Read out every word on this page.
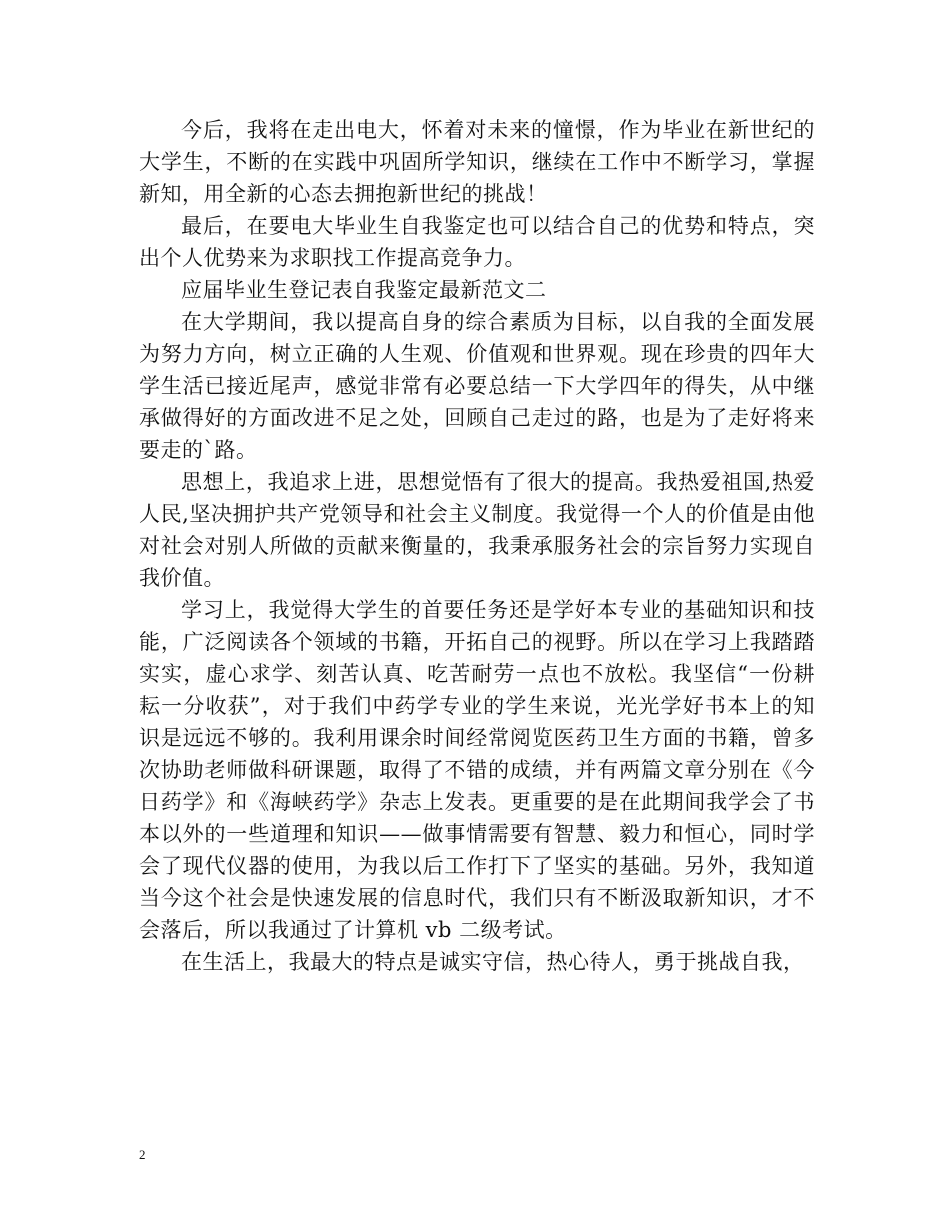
今后，我将在走出电大，怀着对未来的憧憬，作为毕业在新世纪的大学生，不断的在实践中巩固所学知识，继续在工作中不断学习，掌握新知，用全新的心态去拥抱新世纪的挑战！

最后，在要电大毕业生自我鉴定也可以结合自己的优势和特点，突出个人优势来为求职找工作提高竞争力。

应届毕业生登记表自我鉴定最新范文二

在大学期间，我以提高自身的综合素质为目标，以自我的全面发展为努力方向，树立正确的人生观、价值观和世界观。现在珍贵的四年大学生活已接近尾声，感觉非常有必要总结一下大学四年的得失，从中继承做得好的方面改进不足之处，回顾自己走过的路，也是为了走好将来要走的`路。

思想上，我追求上进，思想觉悟有了很大的提高。我热爱祖国,热爱人民,坚决拥护共产党领导和社会主义制度。我觉得一个人的价值是由他对社会对别人所做的贡献来衡量的，我秉承服务社会的宗旨努力实现自我价值。

学习上，我觉得大学生的首要任务还是学好本专业的基础知识和技能，广泛阅读各个领域的书籍，开拓自己的视野。所以在学习上我踏踏实实，虚心求学、刻苦认真、吃苦耐劳一点也不放松。我坚信“一份耕耘一分收获”，对于我们中药学专业的学生来说，光光学好书本上的知识是远远不够的。我利用课余时间经常阅览医药卫生方面的书籍，曾多次协助老师做科研课题，取得了不错的成绩，并有两篇文章分别在《今日药学》和《海峡药学》杂志上发表。更重要的是在此期间我学会了书本以外的一些道理和知识——做事情需要有智慧、毅力和恒心，同时学会了现代仪器的使用，为我以后工作打下了坚实的基础。另外，我知道当今这个社会是快速发展的信息时代，我们只有不断汲取新知识，才不会落后，所以我通过了计算机 vb 二级考试。

在生活上，我最大的特点是诚实守信，热心待人，勇于挑战自我，

2
